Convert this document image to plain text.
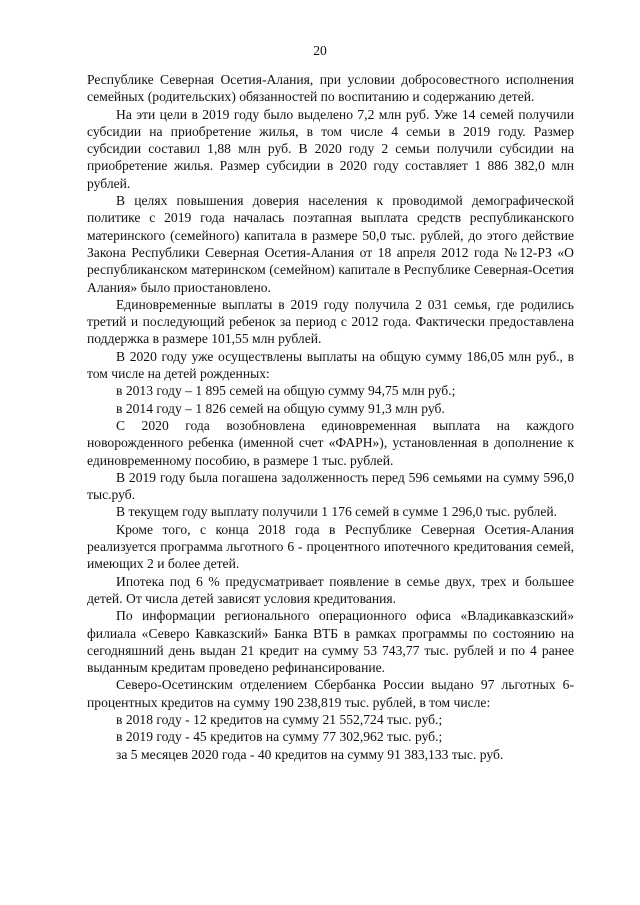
20

Республике Северная Осетия-Алания, при условии добросовестного исполнения семейных (родительских) обязанностей по воспитанию и содержанию детей.

На эти цели в 2019 году было выделено 7,2 млн руб. Уже 14 семей получили субсидии на приобретение жилья, в том числе 4 семьи в 2019 году. Размер субсидии составил 1,88 млн руб. В 2020 году 2 семьи получили субсидии на приобретение жилья. Размер субсидии в 2020 году составляет 1 886 382,0 млн рублей.

В целях повышения доверия населения к проводимой демографической политике с 2019 года началась поэтапная выплата средств республиканского материнского (семейного) капитала в размере 50,0 тыс. рублей, до этого действие Закона Республики Северная Осетия-Алания от 18 апреля 2012 года №12-РЗ «О республиканском материнском (семейном) капитале в Республике Северная-Осетия Алания» было приостановлено.

Единовременные выплаты в 2019 году получила 2 031 семья, где родились третий и последующий ребенок за период с 2012 года. Фактически предоставлена поддержка в размере 101,55 млн рублей.

В 2020 году уже осуществлены выплаты на общую сумму 186,05 млн руб., в том числе на детей рожденных:

в 2013 году – 1 895 семей на общую сумму 94,75 млн руб.;

в 2014 году – 1 826 семей на общую сумму 91,3 млн руб.

С 2020 года возобновлена единовременная выплата на каждого новорожденного ребенка (именной счет «ФАРН»), установленная в дополнение к единовременному пособию, в размере 1 тыс. рублей.

В 2019 году была погашена задолженность перед 596 семьями на сумму 596,0 тыс.руб.

В текущем году выплату получили 1 176 семей в сумме 1 296,0 тыс. рублей.

Кроме того, с конца 2018 года в Республике Северная Осетия-Алания реализуется программа льготного 6 - процентного ипотечного кредитования семей, имеющих 2 и более детей.

Ипотека под 6 % предусматривает появление в семье двух, трех и большее детей. От числа детей зависят условия кредитования.

По информации регионального операционного офиса «Владикавказский» филиала «Северо Кавказский» Банка ВТБ в рамках программы по состоянию на сегодняшний день выдан 21 кредит на сумму 53 743,77 тыс. рублей и по 4 ранее выданным кредитам проведено рефинансирование.

Северо-Осетинским отделением Сбербанка России выдано 97 льготных 6-процентных кредитов на сумму 190 238,819 тыс. рублей, в том числе:

в 2018 году - 12 кредитов на сумму 21 552,724 тыс. руб.;

в 2019 году - 45 кредитов на сумму 77 302,962 тыс. руб.;

за 5 месяцев 2020 года - 40 кредитов на сумму 91 383,133 тыс. руб.
